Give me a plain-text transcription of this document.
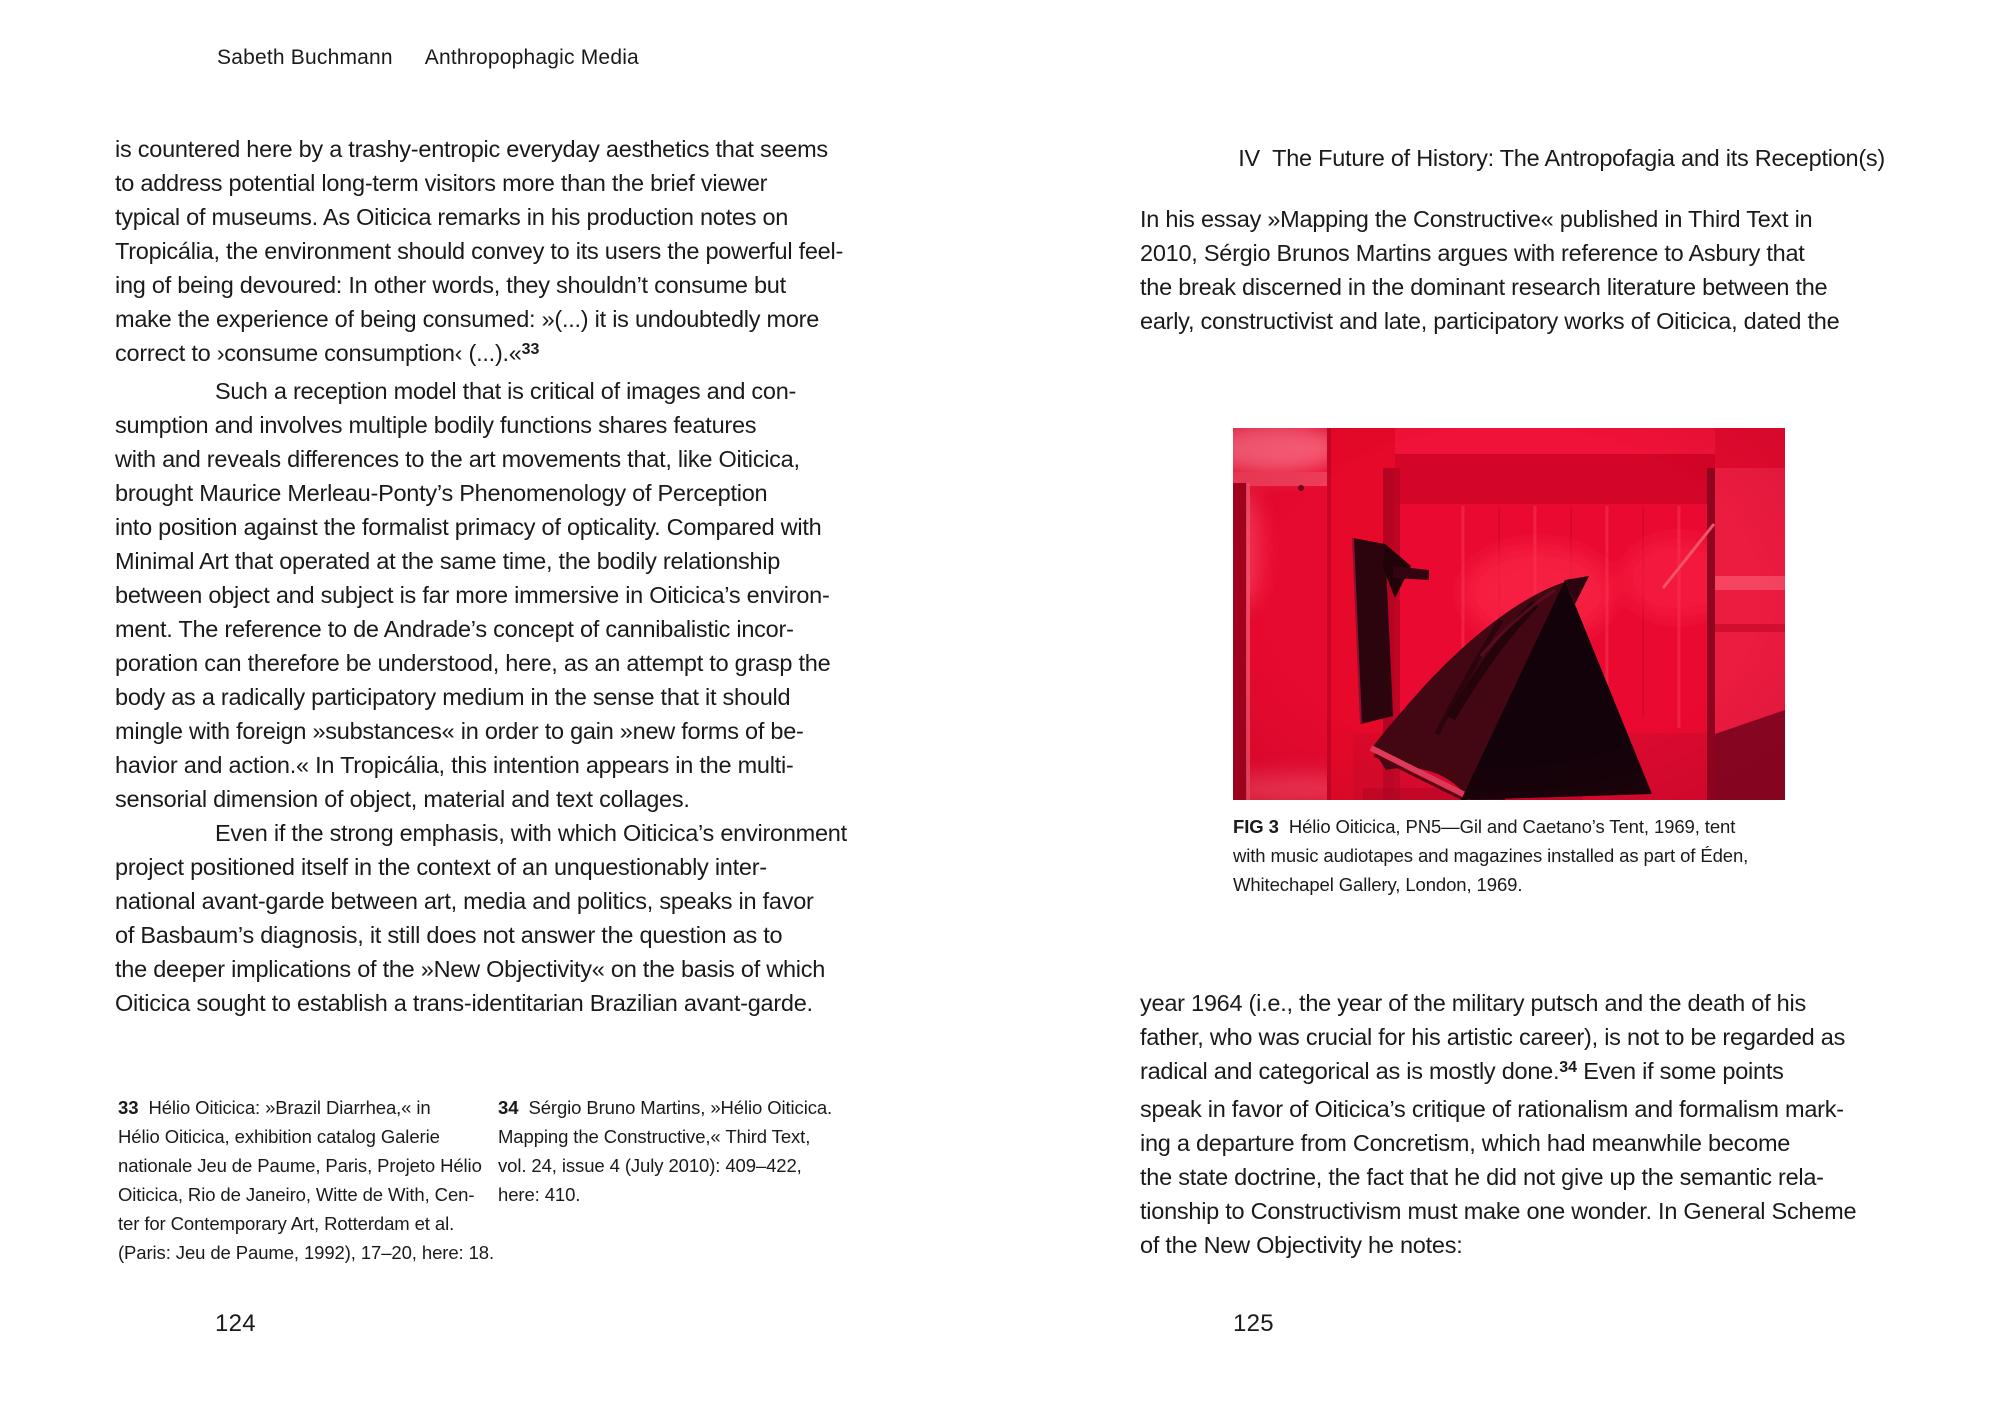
Sabeth Buchmann Anthropophagic Media
is countered here by a trashy-entropic everyday aesthetics that seems
to address potential long-term visitors more than the brief viewer
typical of museums. As Oiticica remarks in his production notes on
Tropicália, the environment should convey to its users the powerful feel-
ing of being devoured: In other words, they shouldn’t consume but
make the experience of being consumed: »(...) it is undoubtedly more
correct to ›consume consumption‹ (...).«$^{33}$
Such a reception model that is critical of images and con-
sumption and involves multiple bodily functions shares features
with and reveals differences to the art movements that, like Oiticica,
brought Maurice Merleau-Ponty’s Phenomenology of Perception
into position against the formalist primacy of opticality. Compared with
Minimal Art that operated at the same time, the bodily relationship
between object and subject is far more immersive in Oiticica’s environ-
ment. The reference to de Andrade’s concept of cannibalistic incor-
poration can therefore be understood, here, as an attempt to grasp the
body as a radically participatory medium in the sense that it should
mingle with foreign »substances« in order to gain »new forms of be-
havior and action.« In Tropicália, this intention appears in the multi-
sensorial dimension of object, material and text collages.
Even if the strong emphasis, with which Oiticica’s environment
project positioned itself in the context of an unquestionably inter-
national avant-garde between art, media and politics, speaks in favor
of Basbaum’s diagnosis, it still does not answer the question as to
the deeper implications of the »New Objectivity« on the basis of which
Oiticica sought to establish a trans-identitarian Brazilian avant-garde.
33  Hélio Oiticica: »Brazil Diarrhea,« in
Hélio Oiticica, exhibition catalog Galerie
nationale Jeu de Paume, Paris, Projeto Hélio
Oiticica, Rio de Janeiro, Witte de With, Cen-
ter for Contemporary Art, Rotterdam et al.
(Paris: Jeu de Paume, 1992), 17–20, here: 18.
34  Sérgio Bruno Martins, »Hélio Oiticica.
Mapping the Constructive,« Third Text,
vol. 24, issue 4 (July 2010): 409–422,
here: 410.
124
IV  The Future of History: The Antropofagia and its Reception(s)
In his essay »Mapping the Constructive« published in Third Text in
2010, Sérgio Brunos Martins argues with reference to Asbury that
the break discerned in the dominant research literature between the
early, constructivist and late, participatory works of Oiticica, dated the
FIG 3  Hélio Oiticica, PN5—Gil and Caetano’s Tent, 1969, tent
with music audiotapes and magazines installed as part of Éden,
Whitechapel Gallery, London, 1969.
year 1964 (i.e., the year of the military putsch and the death of his
father, who was crucial for his artistic career), is not to be regarded as
radical and categorical as is mostly done.$^{34}$ Even if some points
speak in favor of Oiticica’s critique of rationalism and formalism mark-
ing a departure from Concretism, which had meanwhile become
the state doctrine, the fact that he did not give up the semantic rela-
tionship to Constructivism must make one wonder. In General Scheme
of the New Objectivity he notes:
125
